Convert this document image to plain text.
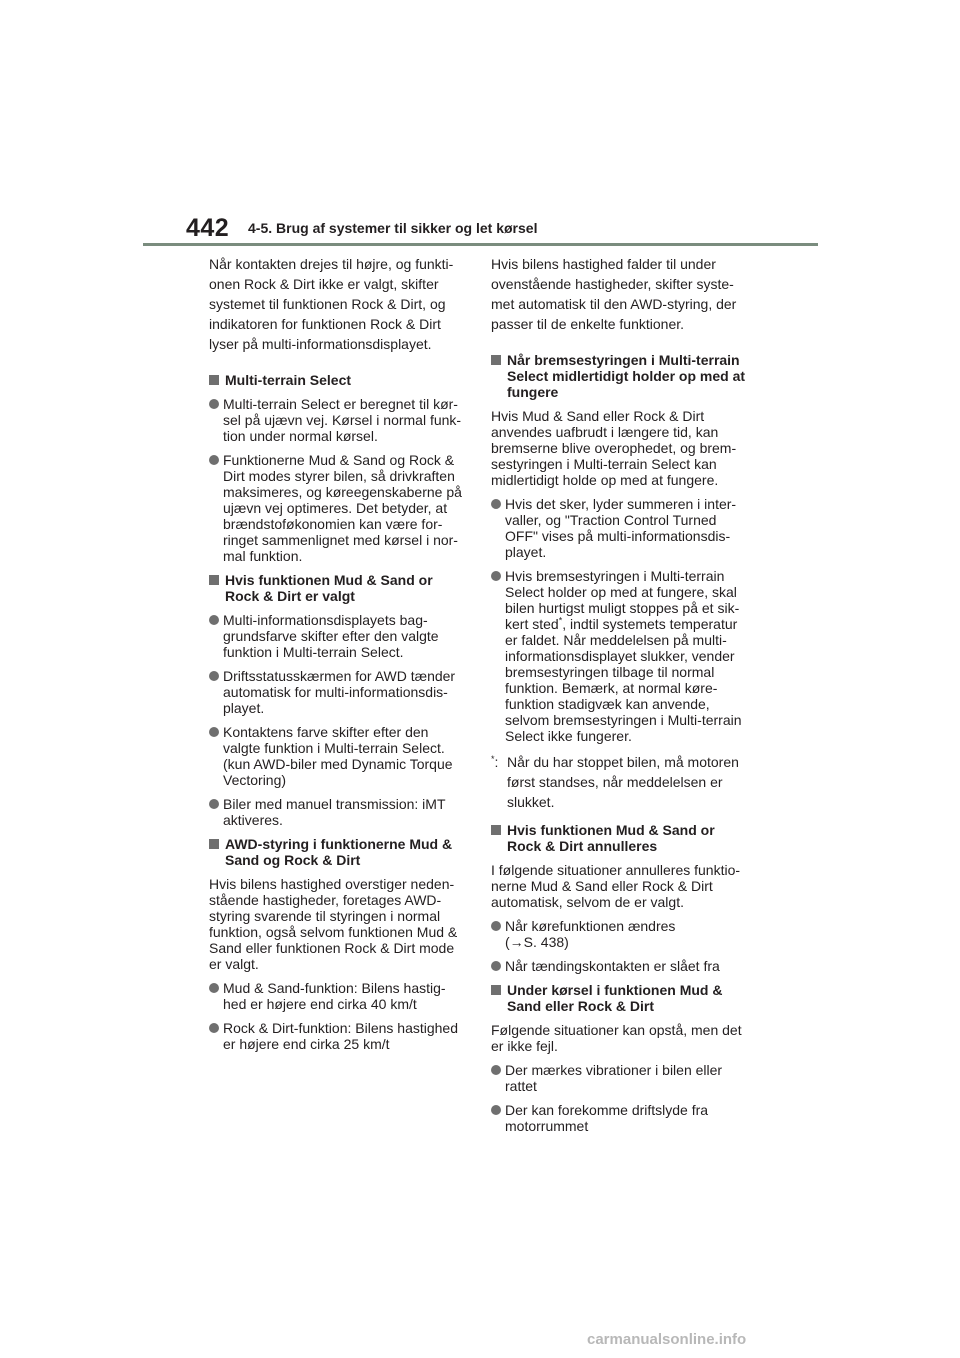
442 4-5. Brug af systemer til sikker og let kørsel

Når kontakten drejes til højre, og funkti-onen Rock & Dirt ikke er valgt, skifter systemet til funktionen Rock & Dirt, og indikatoren for funktionen Rock & Dirt lyser på multi-informationsdisplayet.

Multi-terrain Select
Multi-terrain Select er beregnet til kør-sel på ujævn vej. Kørsel i normal funk-tion under normal kørsel.
Funktionerne Mud & Sand og Rock & Dirt modes styrer bilen, så drivkraften maksimeres, og køreegenskaberne på ujævn vej optimeres. Det betyder, at brændstoføkonomien kan være for-ringet sammenlignet med kørsel i nor-mal funktion.
Hvis funktionen Mud & Sand or Rock & Dirt er valgt
Multi-informationsdisplayets bag-grundsfarve skifter efter den valgte funktion i Multi-terrain Select.
Driftsstatusskærmen for AWD tænder automatisk for multi-informationsdis-playet.
Kontaktens farve skifter efter den valgte funktion i Multi-terrain Select. (kun AWD-biler med Dynamic Torque Vectoring)
Biler med manuel transmission: iMT aktiveres.
AWD-styring i funktionerne Mud & Sand og Rock & Dirt

Hvis bilens hastighed overstiger neden-stående hastigheder, foretages AWD-styring svarende til styringen i normal funktion, også selvom funktionen Mud & Sand eller funktionen Rock & Dirt mode er valgt.

Mud & Sand-funktion: Bilens hastig-hed er højere end cirka 40 km/t
Rock & Dirt-funktion: Bilens hastighed er højere end cirka 25 km/t

Hvis bilens hastighed falder til under ovenstående hastigheder, skifter syste-met automatisk til den AWD-styring, der passer til de enkelte funktioner.

Når bremsestyringen i Multi-terrain Select midlertidigt holder op med at fungere

Hvis Mud & Sand eller Rock & Dirt anvendes uafbrudt i længere tid, kan bremserne blive overophedet, og brem-sestyringen i Multi-terrain Select kan midlertidigt holde op med at fungere.

Hvis det sker, lyder summeren i inter-valler, og "Traction Control Turned OFF" vises på multi-informationsdis-playet.
Hvis bremsestyringen i Multi-terrain Select holder op med at fungere, skal bilen hurtigst muligt stoppes på et sik-kert sted*, indtil systemets temperatur er faldet. Når meddelelsen på multi-informationsdisplayet slukker, vender bremsestyringen tilbage til normal funktion. Bemærk, at normal køre-funktion stadigvæk kan anvende, selvom bremsestyringen i Multi-terrain Select ikke fungerer.
*: Når du har stoppet bilen, må motoren først standses, når meddelelsen er slukket.
Hvis funktionen Mud & Sand or Rock & Dirt annulleres

I følgende situationer annulleres funktio-nerne Mud & Sand eller Rock & Dirt automatisk, selvom de er valgt.

Når kørefunktionen ændres
(→S. 438)
Når tændingskontakten er slået fra
Under kørsel i funktionen Mud & Sand eller Rock & Dirt

Følgende situationer kan opstå, men det er ikke fejl.

Der mærkes vibrationer i bilen eller rattet
Der kan forekomme driftslyde fra motorrummet
carmanualsonline.info
